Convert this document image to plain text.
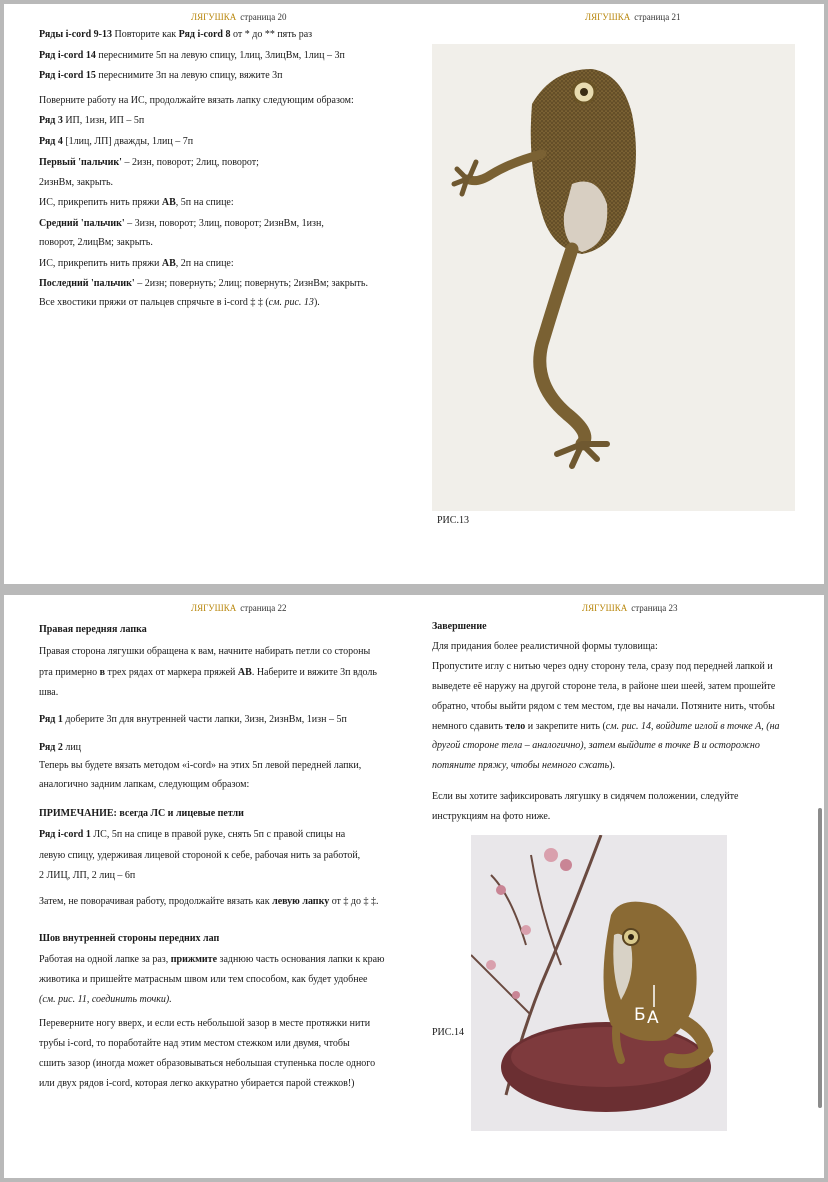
ЛЯГУШКА страница 20	ЛЯГУШКА страница 21
Ряды i-cord 9-13 Повторите как Ряд i-cord 8 от * до ** пять раз
Ряд i-cord 14 переснимите 5п на левую спицу, 1лиц, 3лицВм, 1лиц – 3п
Ряд i-cord 15 переснимите 3п на левую спицу, вяжите 3п
Поверните работу на ИС, продолжайте вязать лапку следующим образом:
Ряд 3 ИП, 1изн, ИП – 5п
Ряд 4 [1лиц, ЛП] дважды, 1лиц – 7п
Первый 'пальчик' – 2изн, поворот; 2лиц, поворот;
2изнВм, закрыть.
ИС, прикрепить нить пряжи АВ, 5п на спице:
Средний 'пальчик' – 3изн, поворот; 3лиц, поворот; 2изнВм, 1изн,
поворот, 2лицВм; закрыть.
ИС, прикрепить нить пряжи АВ, 2п на спице:
Последний 'пальчик' – 2изн; повернуть; 2лиц; повернуть; 2изнВм; закрыть.
Все хвостики пряжи от пальцев спрячьте в i-cord ‡ ‡ (см. рис. 13).
РИС.13
ЛЯГУШКА страница 22	ЛЯГУШКА страница 23
Правая передняя лапка
Правая сторона лягушки обращена к вам, начните набирать петли со стороны
рта примерно в трех рядах от маркера пряжей АВ. Наберите и вяжите 3п вдоль
шва.
Ряд 1 доберите 3п для внутренней части лапки, 3изн, 2изнВм, 1изн – 5п
Ряд 2 лиц
Теперь вы будете вязать методом «i-cord» на этих 5п левой передней лапки,
аналогично задним лапкам, следующим образом:
ПРИМЕЧАНИЕ: всегда ЛС и лицевые петли
Ряд i-cord 1 ЛС, 5п на спице в правой руке, снять 5п с правой спицы на
левую спицу, удерживая лицевой стороной к себе, рабочая нить за работой,
2 ЛИЦ, ЛП, 2 лиц – 6п
Затем, не поворачивая работу, продолжайте вязать как левую лапку от ‡ до ‡ ‡.
Шов внутренней стороны передних лап
Работая на одной лапке за раз, прижмите заднюю часть основания лапки к краю
животика и пришейте матрасным швом или тем способом, как будет удобнее
(см. рис. 11, соединить точки).
Переверните ногу вверх, и если есть небольшой зазор в месте протяжки нити
трубы i-cord, то поработайте над этим местом стежком или двумя, чтобы
сшить зазор (иногда может образовываться небольшая ступенька после одного
или двух рядов i-cord, которая легко аккуратно убирается парой стежков!)
Завершение
Для придания более реалистичной формы туловища:
Пропустите иглу с нитью через одну сторону тела, сразу под передней лапкой и
выведете её наружу на другой стороне тела, в районе шеи шеей, затем прошейте
обратно, чтобы выйти рядом с тем местом, где вы начали. Потяните нить, чтобы
немного сдавить тело и закрепите нить (см. рис. 14, войдите иглой в точке А, (на
другой стороне тела – аналогично), затем выйдите в точке В и осторожно
потяните пряжу, чтобы немного сжать).
Если вы хотите зафиксировать лягушку в сидячем положении, следуйте
инструкциям на фото ниже.
РИС.14
Б А
